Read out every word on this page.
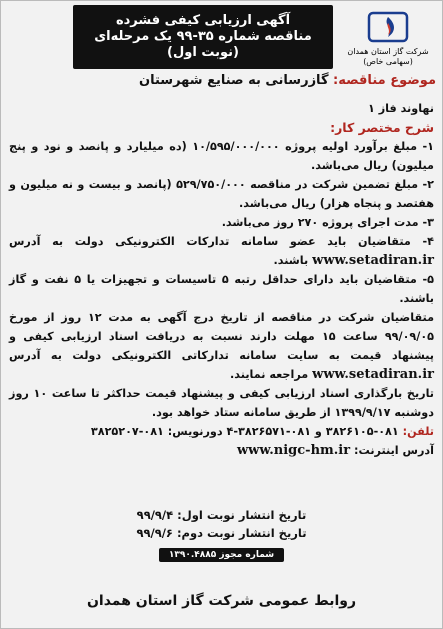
آگهی ارزیابی کیفی فشرده
مناقصه شماره ۳۵-۹۹ یک مرحله‌ای
(نوبت اول)	شرکت گاز استان همدان
(سهامی خاص)
موضوع مناقصه: گازرسانی به صنایع شهرستان

نهاوند فاز ۱

شرح مختصر کار:

۱- مبلغ برآورد اولیه پروژه ۱۰/۵۹۵/۰۰۰/۰۰۰ (ده میلیارد و پانصد و نود و پنج میلیون) ریال می‌باشد.

۲- مبلغ تضمین شرکت در مناقصه ۵۲۹/۷۵۰/۰۰۰ (پانصد و بیست و نه میلیون و هفتصد و پنجاه هزار) ریال می‌باشد.

۳- مدت اجرای پروژه ۲۷۰ روز می‌باشد.

۴- متقاضیان باید عضو سامانه تدارکات الکترونیکی دولت به آدرس www.setadiran.ir باشند.

۵- متقاضیان باید دارای حداقل رتبه ۵ تاسیسات و تجهیزات یا ۵ نفت و گاز باشند.

متقاضیان شرکت در مناقصه از تاریخ درج آگهی به مدت ۱۲ روز از مورخ ۹۹/۰۹/۰۵ ساعت ۱۵ مهلت دارند نسبت به دریافت اسناد ارزیابی کیفی و پیشنهاد قیمت به سایت سامانه تدارکاتی الکترونیکی دولت به آدرس www.setadiran.ir مراجعه نمایند.

تاریخ بارگذاری اسناد ارزیابی کیفی و پیشنهاد قیمت حداکثر تا ساعت ۱۰ روز دوشنبه ۱۳۹۹/۹/۱۷ از طریق سامانه ستاد خواهد بود.

تلفن: ۰۸۱-۳۸۲۶۱۰۵ و ۰۸۱-۳۸۲۶۵۷۱-۴ دورنویس: ۰۸۱-۳۸۲۵۲۰۷

آدرس اینترنت: www.nigc-hm.ir

تاریخ انتشار نوبت اول: ۹۹/۹/۴
تاریخ انتشار نوبت دوم: ۹۹/۹/۶
شماره مجوز ۱۳۹۰.۴۸۸۵
روابط عمومی شرکت گاز استان همدان
